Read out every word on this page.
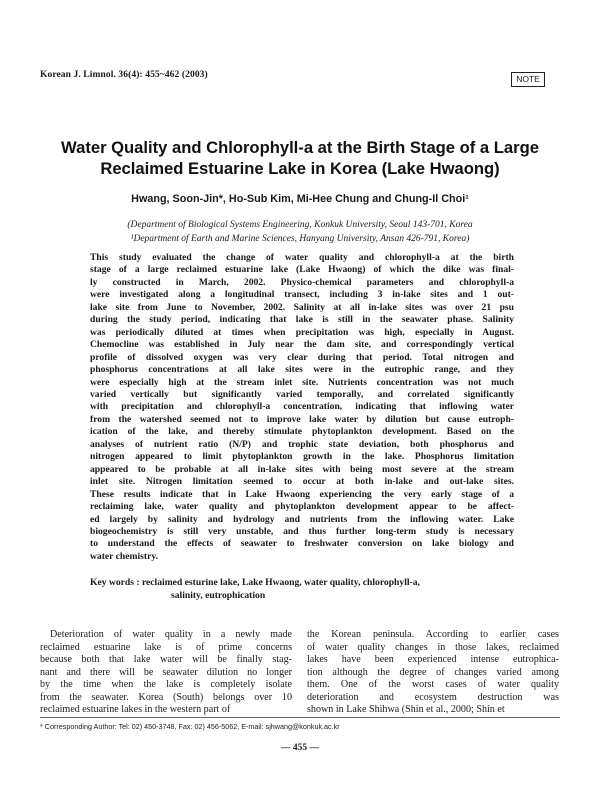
Korean J. Limnol. 36(4): 455~462 (2003)	NOTE
Water Quality and Chlorophyll-a at the Birth Stage of a Large
Reclaimed Estuarine Lake in Korea (Lake Hwaong)
Hwang, Soon-Jin*, Ho-Sub Kim, Mi-Hee Chung and Chung-Il Choi¹
(Department of Biological Systems Engineering, Konkuk University, Seoul 143-701, Korea
¹Department of Earth and Marine Sciences, Hanyang University, Ansan 426-791, Korea)
This study evaluated the change of water quality and chlorophyll-a at the birth
stage of a large reclaimed estuarine lake (Lake Hwaong) of which the dike was final-
ly constructed in March, 2002. Physico-chemical parameters and chlorophyll-a
were investigated along a longitudinal transect, including 3 in-lake sites and 1 out-
lake site from June to November, 2002. Salinity at all in-lake sites was over 21 psu
during the study period, indicating that lake is still in the seawater phase. Salinity
was periodically diluted at times when precipitation was high, especially in August.
Chemocline was established in July near the dam site, and correspondingly vertical
profile of dissolved oxygen was very clear during that period. Total nitrogen and
phosphorus concentrations at all lake sites were in the eutrophic range, and they
were especially high at the stream inlet site. Nutrients concentration was not much
varied vertically but significantly varied temporally, and correlated significantly
with precipitation and chlorophyll-a concentration, indicating that inflowing water
from the watershed seemed not to improve lake water by dilution but cause eutroph-
ication of the lake, and thereby stimulate phytoplankton development. Based on the
analyses of nutrient ratio (N/P) and trophic state deviation, both phosphorus and
nitrogen appeared to limit phytoplankton growth in the lake. Phosphorus limitation
appeared to be probable at all in-lake sites with being most severe at the stream
inlet site. Nitrogen limitation seemed to occur at both in-lake and out-lake sites.
These results indicate that in Lake Hwaong experiencing the very early stage of a
reclaiming lake, water quality and phytoplankton development appear to be affect-
ed largely by salinity and hydrology and nutrients from the inflowing water. Lake
biogeochemistry is still very unstable, and thus further long-term study is necessary
to understand the effects of seawater to freshwater conversion on lake biology and
water chemistry.
Key words : reclaimed esturine lake, Lake Hwaong, water quality, chlorophyll-a,
salinity, eutrophication
Deterioration of water quality in a newly made
reclaimed estuarine lake is of prime concerns
because both that lake water will be finally stag-
nant and there will be seawater dilution no longer
by the time when the lake is completely isolate
from the seawater. Korea (South) belongs over 10
reclaimed estuarine lakes in the western part of
the Korean peninsula. According to earlier cases
of water quality changes in those lakes, reclaimed
lakes have been experienced intense eutrophica-
tion although the degree of changes varied among
them. One of the worst cases of water quality
deterioration and ecosystem destruction was
shown in Lake Shihwa (Shin et al., 2000; Shin et
* Corresponding Author: Tel: 02) 450-3748, Fax: 02) 456-5062, E-mail: sjhwang@konkuk.ac.kr
— 455 —
